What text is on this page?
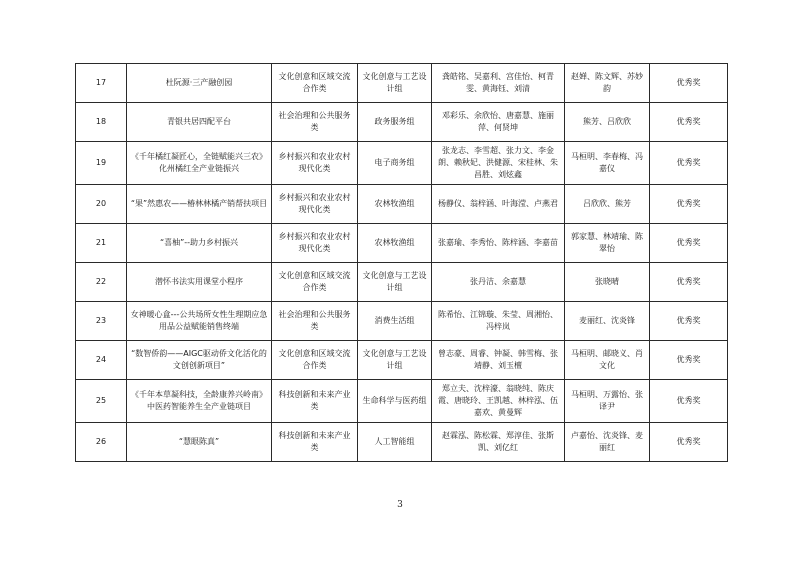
17	杜阮源·三产融创园	文化创意和区域交流合作类	文化创意与工艺设计组	龚皓铭、吴嘉利、宫佳怡、柯青雯、黄海钰、刘清	赵婵、陈文辉、苏妙韵	优秀奖
18	青银共居四配平台	社会治理和公共服务类	政务服务组	邓彩乐、余欣怡、唐嘉慧、施丽萍、何贤坤	熊芳、吕欣欣	优秀奖
19	《千年橘红凝匠心，全链赋能兴三农》化州橘红全产业链振兴	乡村振兴和农业农村现代化类	电子商务组	张龙志、李雪超、张力文、李金朗、赖秋妃、洪健源、宋桂林、朱昌胜、刘炫鑫	马桓明、李春梅、冯嘉仪	优秀奖
20	“果”然惠农——椿林林橘产销帮扶项目	乡村振兴和农业农村现代化类	农林牧渔组	杨静仪、翁梓涵、叶海滢、卢燕君	吕欣欣、熊芳	优秀奖
21	“喜柚”--助力乡村振兴	乡村振兴和农业农村现代化类	农林牧渔组	张嘉瑜、李秀怡、陈梓涵、李嘉苗	郭家慧、林靖瑜、陈翠怡	优秀奖
22	潜怀书法实用课堂小程序	文化创意和区域交流合作类	文化创意与工艺设计组	张丹洁、余嘉慧	张晓晴	优秀奖
23	女神暖心盒---公共场所女性生理期应急用品公益赋能销售终端	社会治理和公共服务类	消费生活组	陈希怡、江锦璇、朱莹、周湘怡、冯梓岚	麦丽红、沈炎锋	优秀奖
24	“数智侨韵——AIGC驱动侨文化活化的文创创新项目”	文化创意和区域交流合作类	文化创意与工艺设计组	曾志豪、周睿、钟凝、韩雪梅、张靖静、刘玉檀	马桓明、邮晓义、肖文化	优秀奖
25	《千年本草凝科技，全龄康养兴岭南》中医药智能养生全产业链项目	科技创新和未来产业类	生命科学与医药组	郑立夫、沈梓濠、翁晓纯、陈庆霞、唐晓玲、王凯越、林梓泓、伍嘉欢、黄曼辉	马桓明、万露怡、张译尹	优秀奖
26	“慧眼陈真”	科技创新和未来产业类	人工智能组	赵霖泓、陈松霖、郑淳佳、张斯凯、刘亿红	卢嘉怡、沈炎锋、麦丽红	优秀奖
3
